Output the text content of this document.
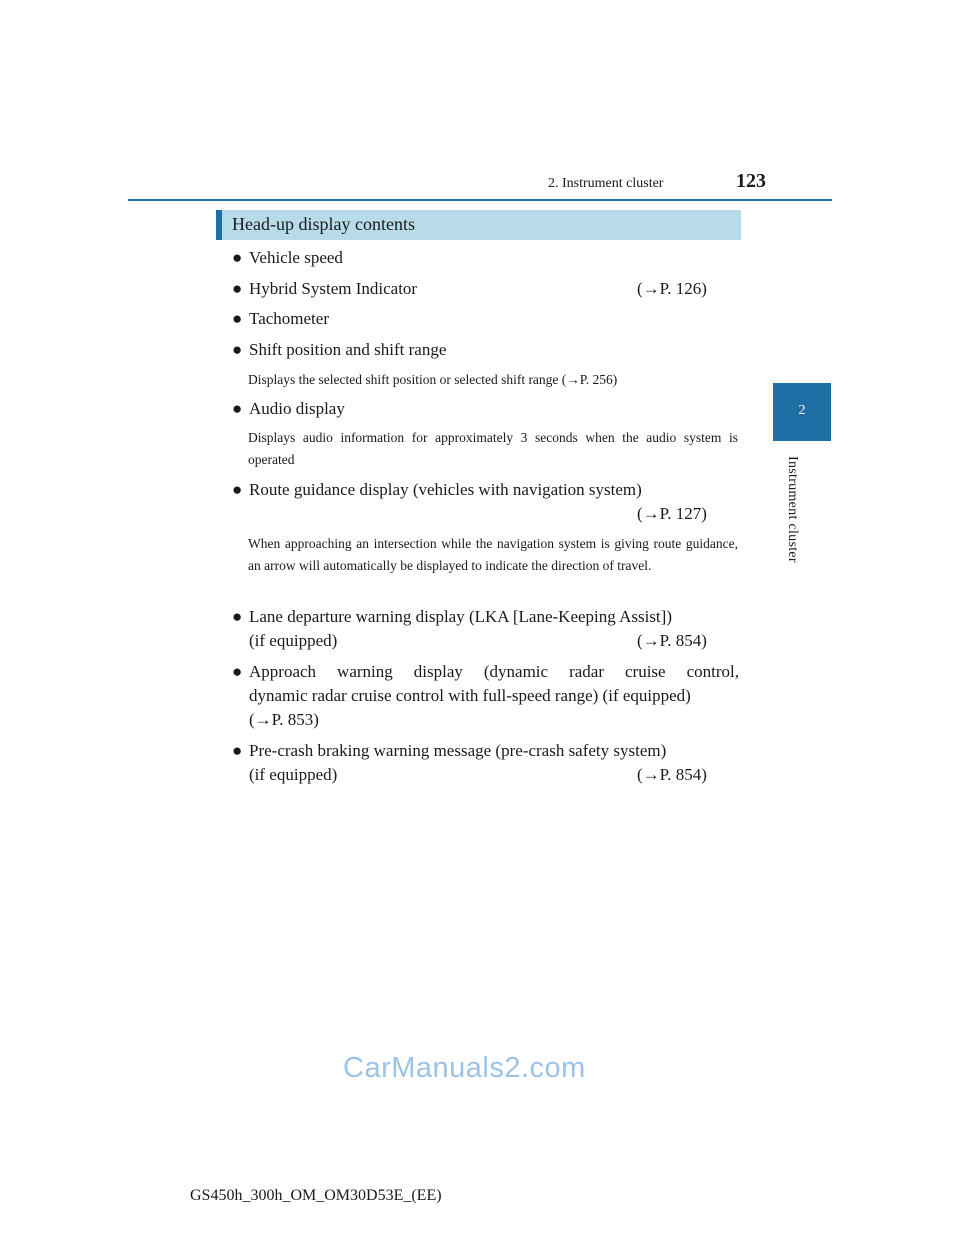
2. Instrument cluster	123
2
Instrument cluster
Head-up display contents
● Vehicle speed
● Hybrid System Indicator	(→P. 126)
● Tachometer
● Shift position and shift range
Displays the selected shift position or selected shift range (→P. 256)
● Audio display
Displays audio information for approximately 3 seconds when the audio system is operated
● Route guidance display (vehicles with navigation system)
(→P. 127)
When approaching an intersection while the navigation system is giving route guidance, an arrow will automatically be displayed to indicate the direction of travel.
● Lane departure warning display (LKA [Lane-Keeping Assist])
(if equipped)	(→P. 854)
● Approach warning display (dynamic radar cruise control,
dynamic radar cruise control with full-speed range) (if equipped)
(→P. 853)
● Pre-crash braking warning message (pre-crash safety system)
(if equipped)	(→P. 854)
CarManuals2.com
GS450h_300h_OM_OM30D53E_(EE)
